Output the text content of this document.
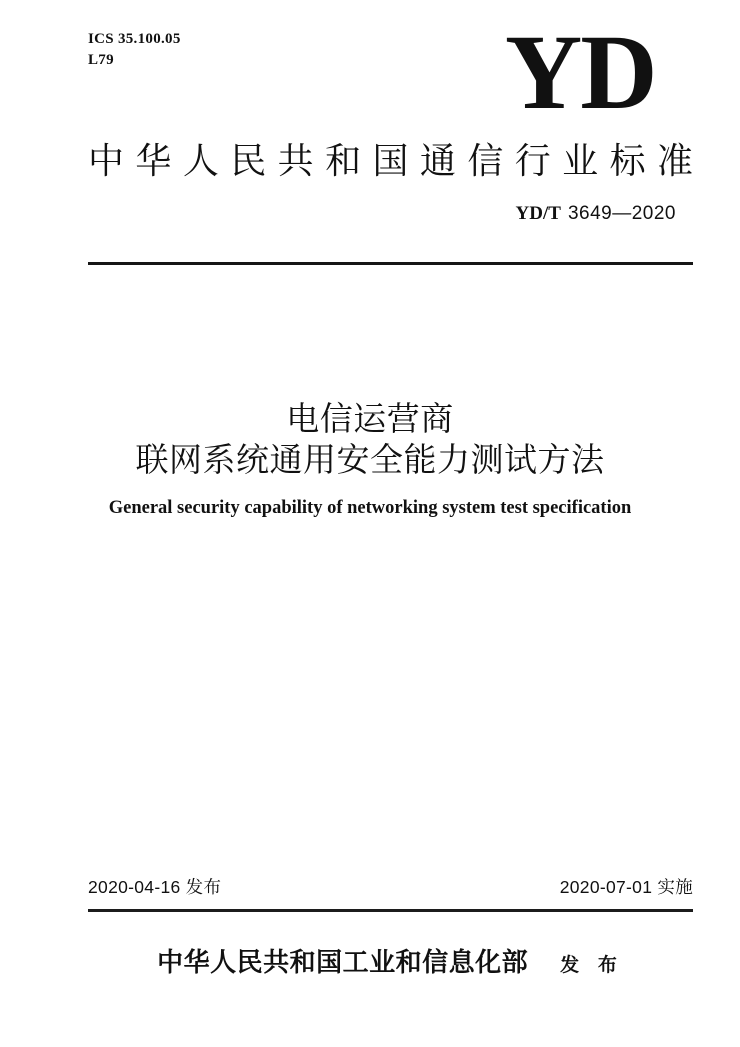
ICS 35.100.05
L79	YD
中华人民共和国通信行业标准
YD/T 3649—2020
电信运营商
联网系统通用安全能力测试方法
General security capability of networking system test specification
2020-04-16 发布	2020-07-01 实施
中华人民共和国工业和信息化部 发 布
